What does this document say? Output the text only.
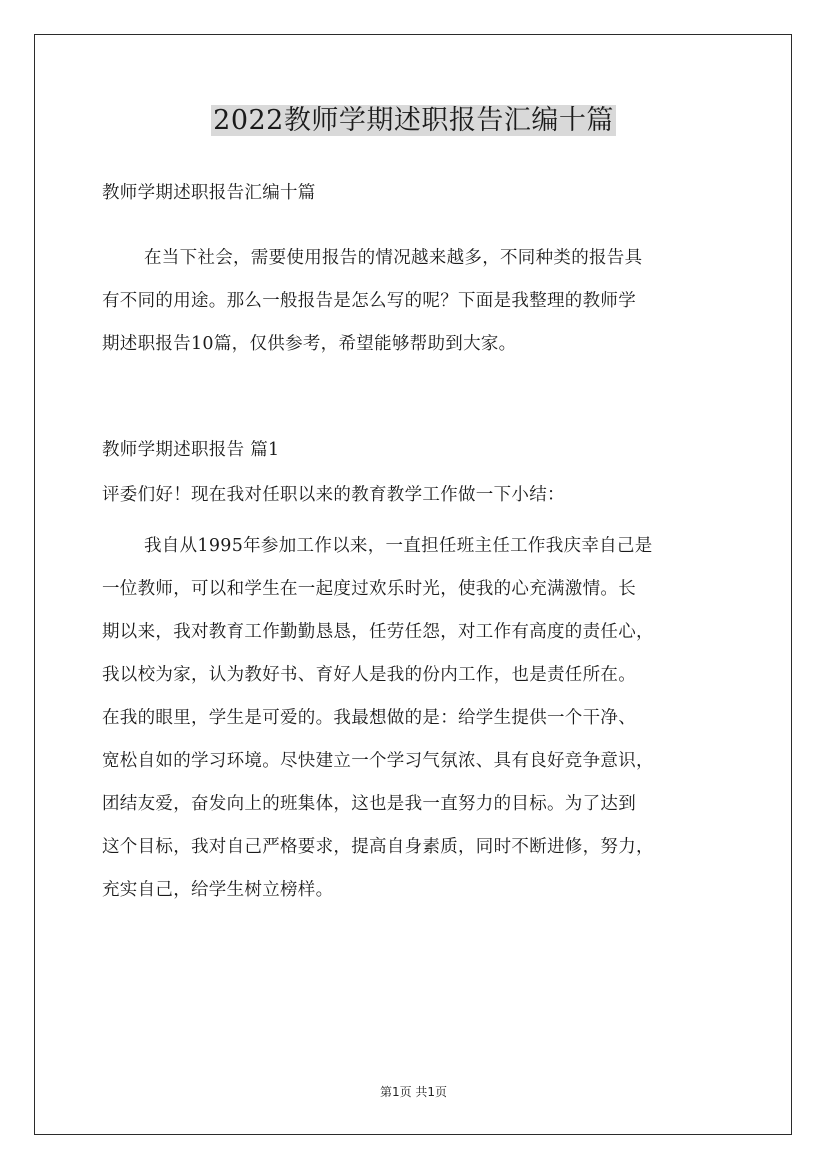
2022教师学期述职报告汇编十篇

教师学期述职报告汇编十篇

在当下社会，需要使用报告的情况越来越多，不同种类的报告具

有不同的用途。那么一般报告是怎么写的呢？下面是我整理的教师学

期述职报告10篇，仅供参考，希望能够帮助到大家。

教师学期述职报告 篇1

评委们好！现在我对任职以来的教育教学工作做一下小结：

我自从1995年参加工作以来，一直担任班主任工作我庆幸自己是

一位教师，可以和学生在一起度过欢乐时光，使我的心充满激情。长

期以来，我对教育工作勤勤恳恳，任劳任怨，对工作有高度的责任心，

我以校为家，认为教好书、育好人是我的份内工作，也是责任所在。

在我的眼里，学生是可爱的。我最想做的是：给学生提供一个干净、

宽松自如的学习环境。尽快建立一个学习气氛浓、具有良好竞争意识，

团结友爱，奋发向上的班集体，这也是我一直努力的目标。为了达到

这个目标，我对自己严格要求，提高自身素质，同时不断进修，努力，

充实自己，给学生树立榜样。

第1页 共1页
